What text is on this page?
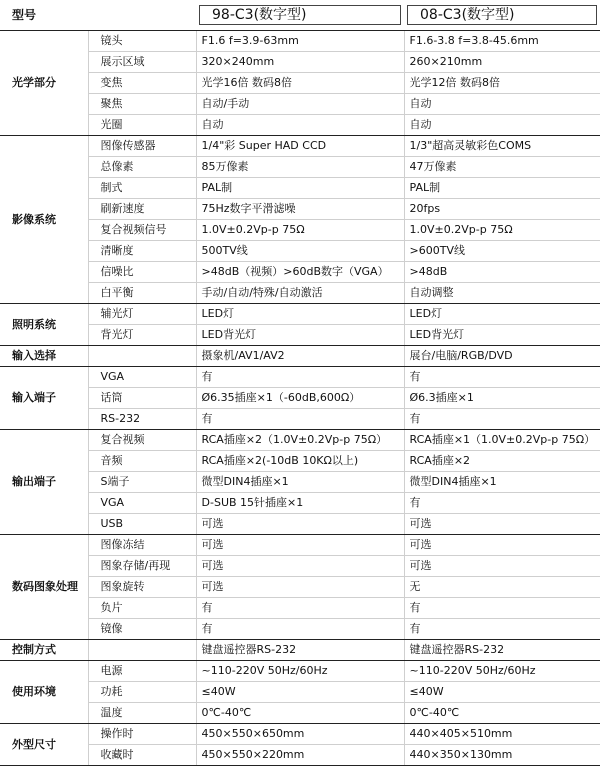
型号		98-C3(数字型)	08-C3(数字型)

光学部分	镜头	F1.6 f=3.9-63mm	F1.6-3.8 f=3.8-45.6mm
	展示区域	320×240mm	260×210mm
	变焦	光学16倍 数码8倍	光学12倍 数码8倍
	聚焦	自动/手动	自动
	光圈	自动	自动
影像系统	图像传感器	1/4"彩 Super HAD CCD	1/3"超高灵敏彩色COMS
	总像素	85万像素	47万像素
	制式	PAL制	PAL制
	刷新速度	75Hz数字平滑滤噪	20fps
	复合视频信号	1.0V±0.2Vp-p 75Ω	1.0V±0.2Vp-p 75Ω
	清晰度	500TV线	>600TV线
	信噪比	>48dB（视频）>60dB数字（VGA）	>48dB
	白平衡	手动/自动/特殊/自动激活	自动调整
照明系统	辅光灯	LED灯	LED灯
	背光灯	LED背光灯	LED背光灯
输入选择		摄象机/AV1/AV2	展台/电脑/RGB/DVD
输入端子	VGA	有	有
	话筒	Ø6.35插座×1（-60dB,600Ω）	Ø6.3插座×1
	RS-232	有	有
输出端子	复合视频	RCA插座×2（1.0V±0.2Vp-p 75Ω）	RCA插座×1（1.0V±0.2Vp-p 75Ω）
	音频	RCA插座×2(-10dB 10KΩ以上)	RCA插座×2
	S端子	微型DIN4插座×1	微型DIN4插座×1
	VGA	D-SUB 15针插座×1	有
	USB	可选	可选
数码图象处理	图像冻结	可选	可选
	图象存储/再现	可选	可选
	图象旋转	可选	无
	负片	有	有
	镜像	有	有
控制方式		键盘遥控器RS-232	键盘遥控器RS-232
使用环境	电源	~110-220V 50Hz/60Hz	~110-220V 50Hz/60Hz
	功耗	≤40W	≤40W
	温度	0℃-40℃	0℃-40℃
外型尺寸	操作时	450×550×650mm	440×405×510mm
	收藏时	450×550×220mm	440×350×130mm
